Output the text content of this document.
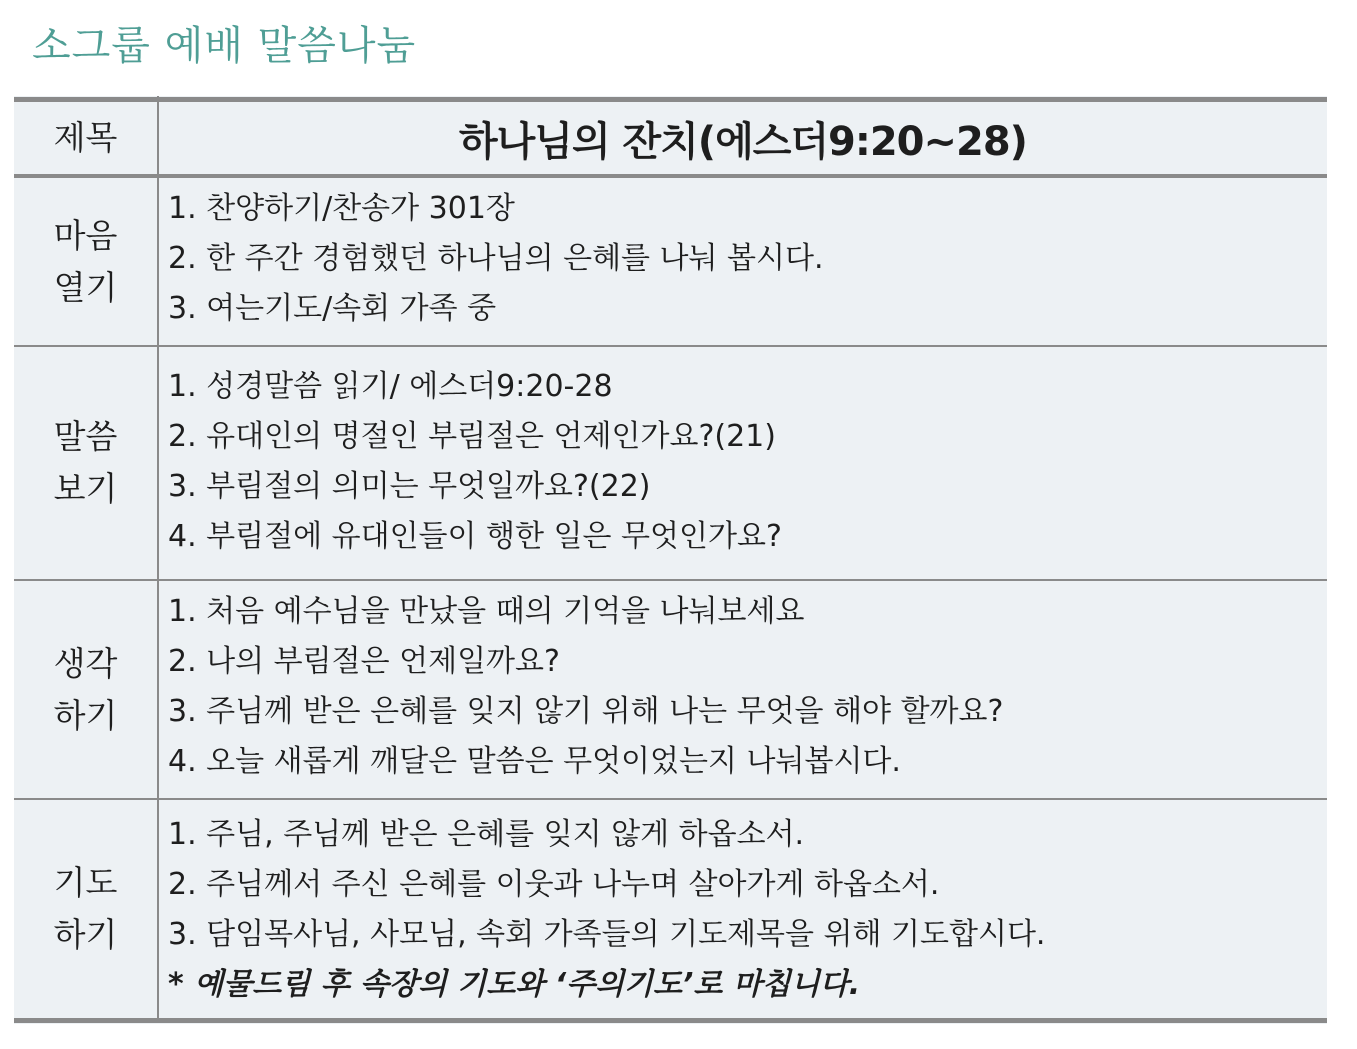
소그룹 예배 말씀나눔
제목	하나님의 잔치(에스더9:20~28)
마음
열기
1. 찬양하기/찬송가 301장
2. 한 주간 경험했던 하나님의 은혜를 나눠 봅시다.
3. 여는기도/속회 가족 중
말씀
보기
1. 성경말씀 읽기/ 에스더9:20-28
2. 유대인의 명절인 부림절은 언제인가요?(21)
3. 부림절의 의미는 무엇일까요?(22)
4. 부림절에 유대인들이 행한 일은 무엇인가요?
생각
하기
1. 처음 예수님을 만났을 때의 기억을 나눠보세요
2. 나의 부림절은 언제일까요?
3. 주님께 받은 은혜를 잊지 않기 위해 나는 무엇을 해야 할까요?
4. 오늘 새롭게 깨달은 말씀은 무엇이었는지 나눠봅시다.
기도
하기
1. 주님, 주님께 받은 은혜를 잊지 않게 하옵소서.
2. 주님께서 주신 은혜를 이웃과 나누며 살아가게 하옵소서.
3. 담임목사님, 사모님, 속회 가족들의 기도제목을 위해 기도합시다.
* 예물드림 후 속장의 기도와 ‘주의기도’로 마칩니다.
